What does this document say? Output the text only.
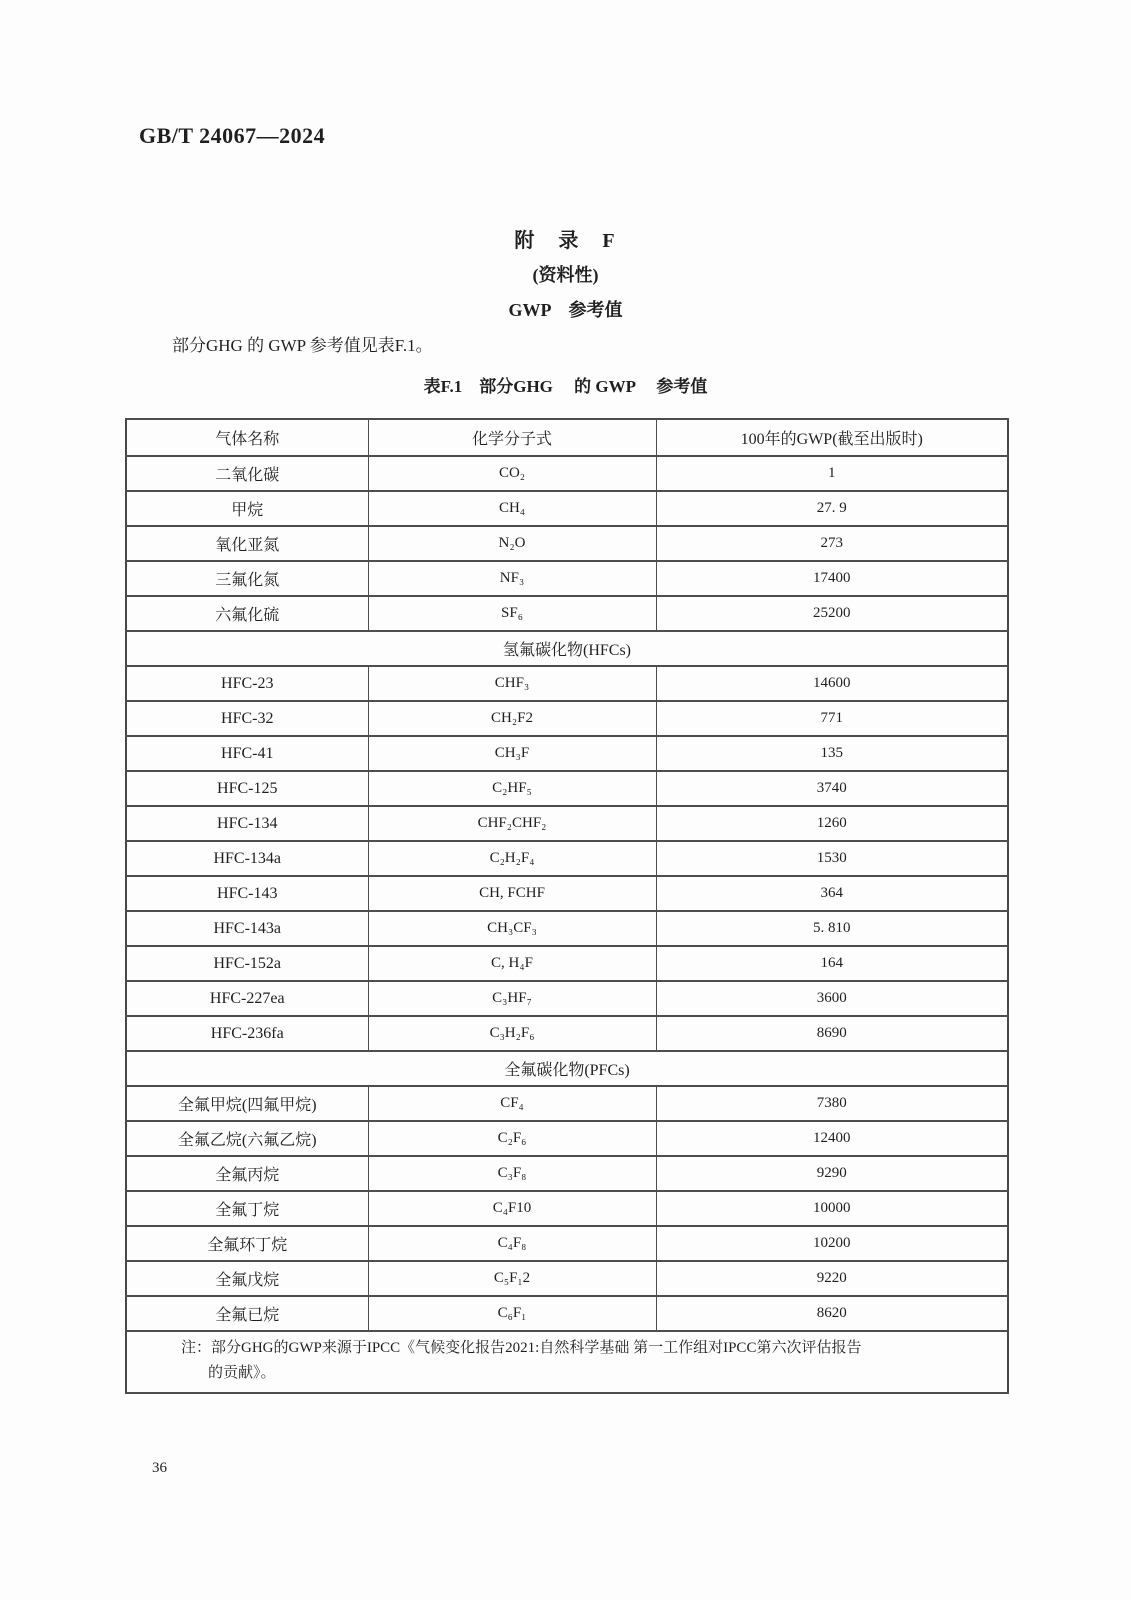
GB/T 24067—2024
附　录　F
(资料性)
GWP　参考值
部分GHG 的 GWP 参考值见表F.1。
表F.1　部分GHG　 的 GWP　 参考值
气体名称	化学分子式	100年的GWP(截至出版时)
二氧化碳	CO₂	1
甲烷	CH₄	27. 9
氧化亚氮	N₂O	273
三氟化氮	NF₃	17400
六氟化硫	SF₆	25200
氢氟碳化物(HFCs)		
HFC-23	CHF₃	14600
HFC-32	CH₂F2	771
HFC-41	CH₃F	135
HFC-125	C₂HF₅	3740
HFC-134	CHF₂CHF₂	1260
HFC-134a	C₂H₂F₄	1530
HFC-143	CH, FCHF	364
HFC-143a	CH₃CF₃	5. 810
HFC-152a	C, H₄F	164
HFC-227ea	C₃HF₇	3600
HFC-236fa	C₃H₂F₆	8690
全氟碳化物(PFCs)		
全氟甲烷(四氟甲烷)	CF₄	7380
全氟乙烷(六氟乙烷)	C₂F₆	12400
全氟丙烷	C₃F₈	9290
全氟丁烷	C₄F10	10000
全氟环丁烷	C₄F₈	10200
全氟戊烷	C₅F₁2	9220
全氟已烷	C₆F₁	8620

注：部分GHG的GWP来源于IPCC《气候变化报告2021:自然科学基础 第一工作组对IPCC第六次评估报告
的贡献》。		
36
